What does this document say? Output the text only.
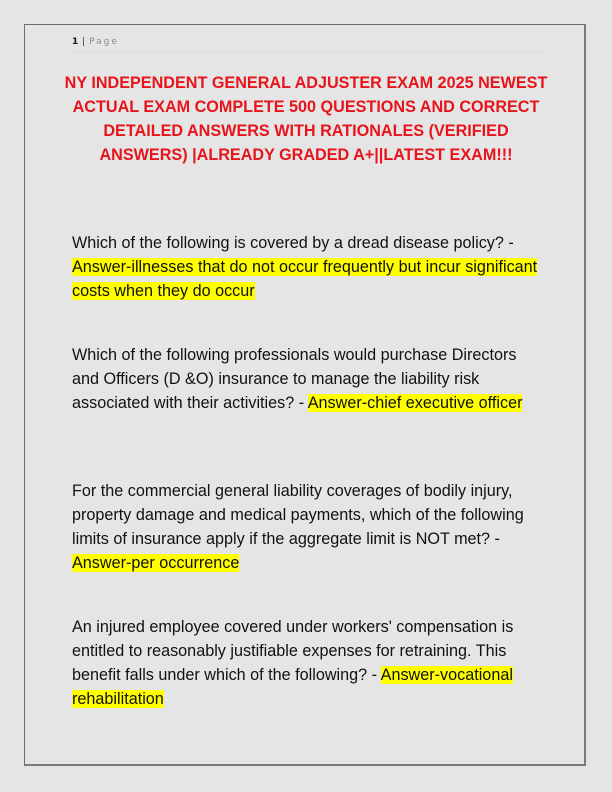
1 | Page
NY INDEPENDENT GENERAL ADJUSTER EXAM 2025 NEWEST ACTUAL EXAM COMPLETE 500 QUESTIONS AND CORRECT DETAILED ANSWERS WITH RATIONALES (VERIFIED ANSWERS) |ALREADY GRADED A+||LATEST EXAM!!!
Which of the following is covered by a dread disease policy? - Answer-illnesses that do not occur frequently but incur significant costs when they do occur
Which of the following professionals would purchase Directors and Officers (D &O) insurance to manage the liability risk associated with their activities? - Answer-chief executive officer
For the commercial general liability coverages of bodily injury, property damage and medical payments, which of the following limits of insurance apply if the aggregate limit is NOT met? - Answer-per occurrence
An injured employee covered under workers' compensation is entitled to reasonably justifiable expenses for retraining. This benefit falls under which of the following? - Answer-vocational rehabilitation
